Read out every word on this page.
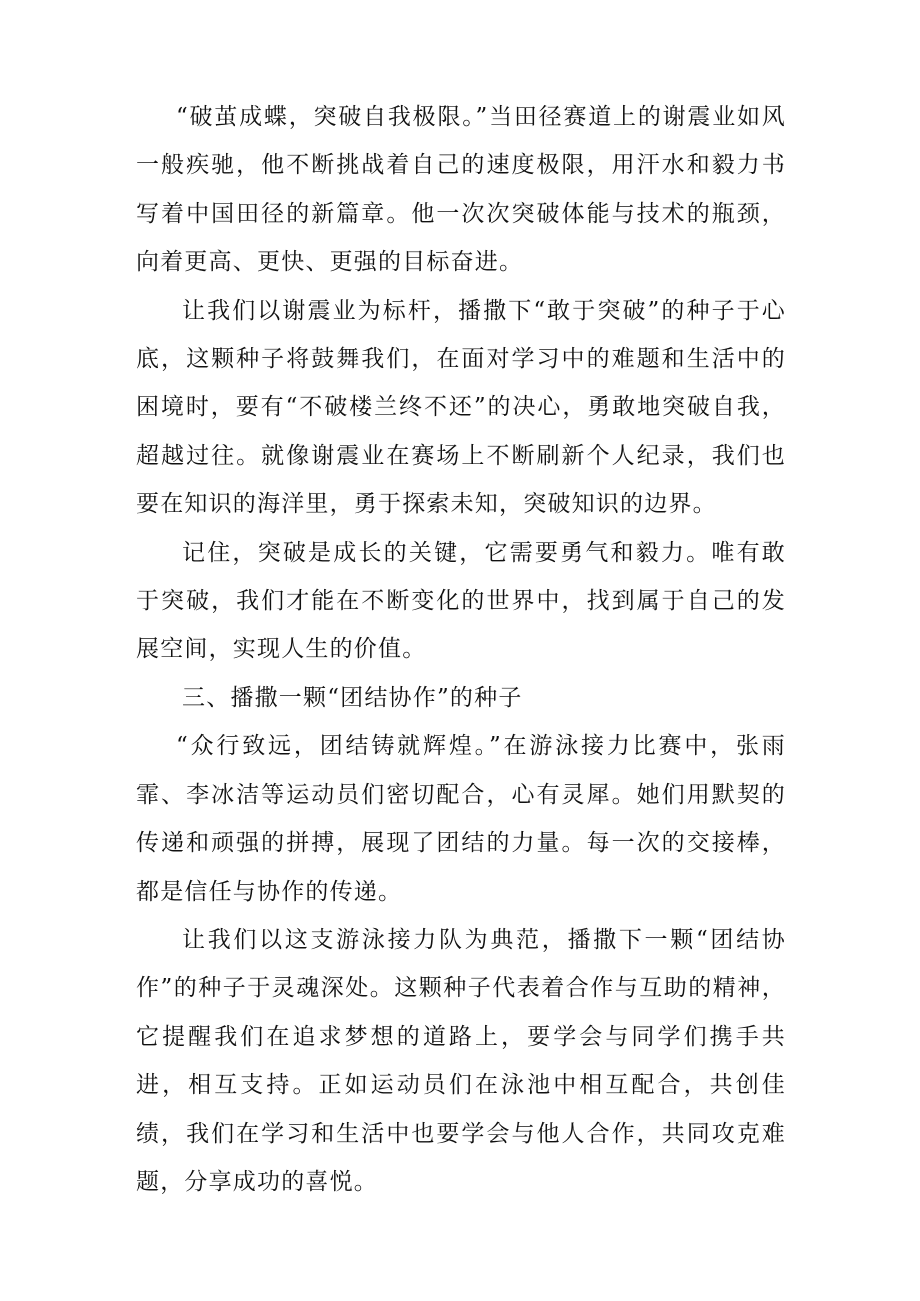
“破茧成蝶，突破自我极限。”当田径赛道上的谢震业如风一般疾驰，他不断挑战着自己的速度极限，用汗水和毅力书写着中国田径的新篇章。他一次次突破体能与技术的瓶颈，向着更高、更快、更强的目标奋进。

让我们以谢震业为标杆，播撒下“敢于突破”的种子于心底，这颗种子将鼓舞我们，在面对学习中的难题和生活中的困境时，要有“不破楼兰终不还”的决心，勇敢地突破自我，超越过往。就像谢震业在赛场上不断刷新个人纪录，我们也要在知识的海洋里，勇于探索未知，突破知识的边界。

记住，突破是成长的关键，它需要勇气和毅力。唯有敢于突破，我们才能在不断变化的世界中，找到属于自己的发展空间，实现人生的价值。

三、播撒一颗“团结协作”的种子

“众行致远，团结铸就辉煌。”在游泳接力比赛中，张雨霏、李冰洁等运动员们密切配合，心有灵犀。她们用默契的传递和顽强的拼搏，展现了团结的力量。每一次的交接棒，都是信任与协作的传递。

让我们以这支游泳接力队为典范，播撒下一颗“团结协作”的种子于灵魂深处。这颗种子代表着合作与互助的精神，它提醒我们在追求梦想的道路上，要学会与同学们携手共进，相互支持。正如运动员们在泳池中相互配合，共创佳绩，我们在学习和生活中也要学会与他人合作，共同攻克难题，分享成功的喜悦。
